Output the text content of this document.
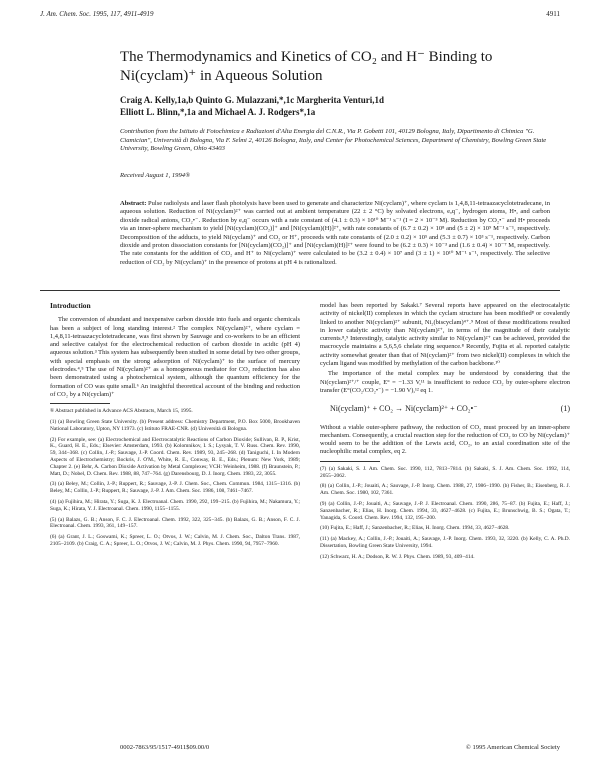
J. Am. Chem. Soc. 1995, 117, 4911-4919	4911
The Thermodynamics and Kinetics of CO₂ and H⁻ Binding to Ni(cyclam)⁺ in Aqueous Solution
Craig A. Kelly,1a,b Quinto G. Mulazzani,*,1c Margherita Venturi,1d
Elliott L. Blinn,*,1a and Michael A. J. Rodgers*,1a
Contribution from the Istituto di Fotochimica e Radiazioni d'Alta Energia del C.N.R., Via P. Gobetti 101, 40129 Bologna, Italy, Dipartimento di Chimica "G. Ciamician", Università di Bologna, Via F. Selmi 2, 40126 Bologna, Italy, and Center for Photochemical Sciences, Department of Chemistry, Bowling Green State University, Bowling Green, Ohio 43403
Received August 1, 1994®
Abstract: Pulse radiolysis and laser flash photolysis have been used to generate and characterize Ni(cyclam)⁺, where cyclam is 1,4,8,11-tetraazacyclotetradecane, in aqueous solution. Reduction of Ni(cyclam)²⁺ was carried out at ambient temperature (22 ± 2 °C) by solvated electrons, eₐq⁻, hydrogen atoms, H•, and carbon dioxide radical anions, CO₂•⁻. Reduction by eₐq⁻ occurs with a rate constant of (4.1 ± 0.3) × 10¹⁰ M⁻¹ s⁻¹ (I = 2 × 10⁻³ M). Reduction by CO₂•⁻ and H• proceeds via an inner-sphere mechanism to yield [Ni(cyclam)(CO₂)]⁺ and [Ni(cyclam)(H)]²⁺, with rate constants of (6.7 ± 0.2) × 10⁸ and (5 ± 2) × 10⁹ M⁻¹ s⁻¹, respectively. Decomposition of the adducts, to yield Ni(cyclam)⁺ and CO₂ or H⁺, proceeds with rate constants of (2.0 ± 0.2) × 10⁵ and (5.3 ± 0.7) × 10³ s⁻¹, respectively. Carbon dioxide and proton dissociation constants for [Ni(cyclam)(CO₂)]⁺ and [Ni(cyclam)(H)]²⁺ were found to be (6.2 ± 0.3) × 10⁻³ and (1.6 ± 0.4) × 10⁻⁷ M, respectively. The rate constants for the addition of CO₂ and H⁺ to Ni(cyclam)⁺ were calculated to be (3.2 ± 0.4) × 10⁷ and (3 ± 1) × 10¹⁰ M⁻¹ s⁻¹, respectively. The selective reduction of CO₂ by Ni(cyclam)⁺ in the presence of protons at pH 4 is rationalized.
Introduction

The conversion of abundant and inexpensive carbon dioxide into fuels and organic chemicals has been a subject of long standing interest.² The complex Ni(cyclam)²⁺, where cyclam = 1,4,8,11-tetraazacyclotetradecane, was first shown by Sauvage and co-workers to be an efficient and selective catalyst for the electrochemical reduction of carbon dioxide in acidic (pH 4) aqueous solution.³ This system has subsequently been studied in some detail by two other groups, with special emphasis on the strong adsorption of Ni(cyclam)⁺ to the surface of mercury electrodes.⁴,⁵ The use of Ni(cyclam)²⁺ as a homogeneous mediator for CO₂ reduction has also been demonstrated using a photochemical system, although the quantum efficiency for the formation of CO was quite small.⁶ An insightful theoretical account of the binding and reduction of CO₂ by a Ni(cyclam)⁺

® Abstract published in Advance ACS Abstracts, March 15, 1995.

(1) (a) Bowling Green State University. (b) Present address: Chemistry Department, P.O. Box 5000, Brookhaven National Laboratory, Upton, NY 11973. (c) Istituto FRAE-CNR. (d) Università di Bologna.

(2) For example, see: (a) Electrochemical and Electrocatalytic Reactions of Carbon Dioxide; Sullivan, B. P., Krist, K., Guard, H. E., Eds.; Elsevier: Amsterdam, 1993. (b) Kolomnikov, I. S.; Lysyak, T. V. Russ. Chem. Rev. 1990, 59, 344−368. (c) Collin, J.-P.; Sauvage, J.-P. Coord. Chem. Rev. 1989, 93, 245−268. (d) Taniguchi, I. In Modern Aspects of Electrochemistry; Bockris, J. O'M., White, R. E., Conway, B. E., Eds.; Plenum: New York, 1989; Chapter 2. (e) Behr, A. Carbon Dioxide Activation by Metal Complexes; VCH: Weinheim, 1988. (f) Braunstein, P.; Matt, D.; Nobel, D. Chem. Rev. 1988, 88, 747−764. (g) Darensbourg, D. J. Inorg. Chem. 1983, 22, 3055.

(3) (a) Beley, M.; Collin, J.-P.; Ruppert, R.; Sauvage, J.-P. J. Chem. Soc., Chem. Commun. 1984, 1315−1316. (b) Beley, M.; Collin, J.-P.; Ruppert, R.; Sauvage, J.-P. J. Am. Chem. Soc. 1986, 108, 7461−7467.

(4) (a) Fujihira, M.; Hirata, Y.; Suga, K. J. Electroanal. Chem. 1990, 292, 199−215. (b) Fujihira, M.; Nakamura, Y.; Suga, K.; Hirata, Y. J. Electroanal. Chem. 1990, 1155−1155.

(5) (a) Balazs, G. B.; Anson, F. C. J. Electroanal. Chem. 1992, 322, 325−345. (b) Balazs, G. B.; Anson, F. C. J. Electroanal. Chem. 1993, 361, 149−157.

(6) (a) Grant, J. L.; Goswami, K.; Spreer, L. O.; Otvos, J. W.; Calvin, M. J. Chem. Soc., Dalton Trans. 1987, 2105−2109. (b) Craig, C. A.; Spreer, L. O.; Otvos, J. W.; Calvin, M. J. Phys. Chem. 1990, 94, 7957−7960.

model has been reported by Sakaki.⁷ Several reports have appeared on the electrocatalytic activity of nickel(II) complexes in which the cyclam structure has been modified⁸ or covalently linked to another Ni(cyclam)²⁺ subunit, Ni₂(biscyclam)⁴⁺.⁹ Most of these modifications resulted in lower catalytic activity than Ni(cyclam)²⁺, in terms of the magnitude of their catalytic currents.⁸,⁹ Interestingly, catalytic activity similar to Ni(cyclam)²⁺ can be achieved, provided the macrocycle maintains a 5,6,5,6 chelate ring sequence.⁸ Recently, Fujita et al. reported catalytic activity somewhat greater than that of Ni(cyclam)²⁺ from two nickel(II) complexes in which the cyclam ligand was modified by methylation of the carbon backbone.¹⁰

The importance of the metal complex may be understood by considering that the Ni(cyclam)²⁺/⁺ couple, E° = −1.33 V,¹¹ is insufficient to reduce CO₂ by outer-sphere electron transfer (E°(CO₂/CO₂•⁻) = −1.90 V),¹² eq 1.

Ni(cyclam)⁺ + CO₂ → Ni(cyclam)²⁺ + CO₂•⁻	(1)

Without a viable outer-sphere pathway, the reduction of CO₂ must proceed by an inner-sphere mechanism. Consequently, a crucial reaction step for the reduction of CO₂ to CO by Ni(cyclam)⁺ would seem to be the addition of the Lewis acid, CO₂, to an axial coordination site of the nucleophilic metal complex, eq 2.

(7) (a) Sakaki, S. J. Am. Chem. Soc. 1990, 112, 7813−7814. (b) Sakaki, S. J. Am. Chem. Soc. 1992, 114, 2055−2062.

(8) (a) Collin, J.-P.; Jouaiti, A.; Sauvage, J.-P. Inorg. Chem. 1988, 27, 1986−1990. (b) Fisher, B.; Eisenberg, R. J. Am. Chem. Soc. 1980, 102, 7361.

(9) (a) Collin, J.-P.; Jouaiti, A.; Sauvage, J.-P. J. Electroanal. Chem. 1990, 286, 75−87. (b) Fujita, E.; Haff, J.; Sanzenbacher, R.; Elias, H. Inorg. Chem. 1994, 33, 4627−4628. (c) Fujita, E.; Brunschwig, B. S.; Ogata, T.; Yanagida, S. Coord. Chem. Rev. 1994, 132, 195−200.

(10) Fujita, E.; Haff, J.; Sanzenbacher, R.; Elias, H. Inorg. Chem. 1994, 33, 4627−4628.

(11) (a) Mackey, A.; Collin, J.-P.; Jouaiti, A.; Sauvage, J.-P. Inorg. Chem. 1993, 32, 3220. (b) Kelly, C. A. Ph.D. Dissertation, Bowling Green State University, 1994.

(12) Schwarz, H. A.; Dodson, R. W. J. Phys. Chem. 1989, 93, 409−414.

0002-7863/95/1517-4911$09.00/0	© 1995 American Chemical Society
